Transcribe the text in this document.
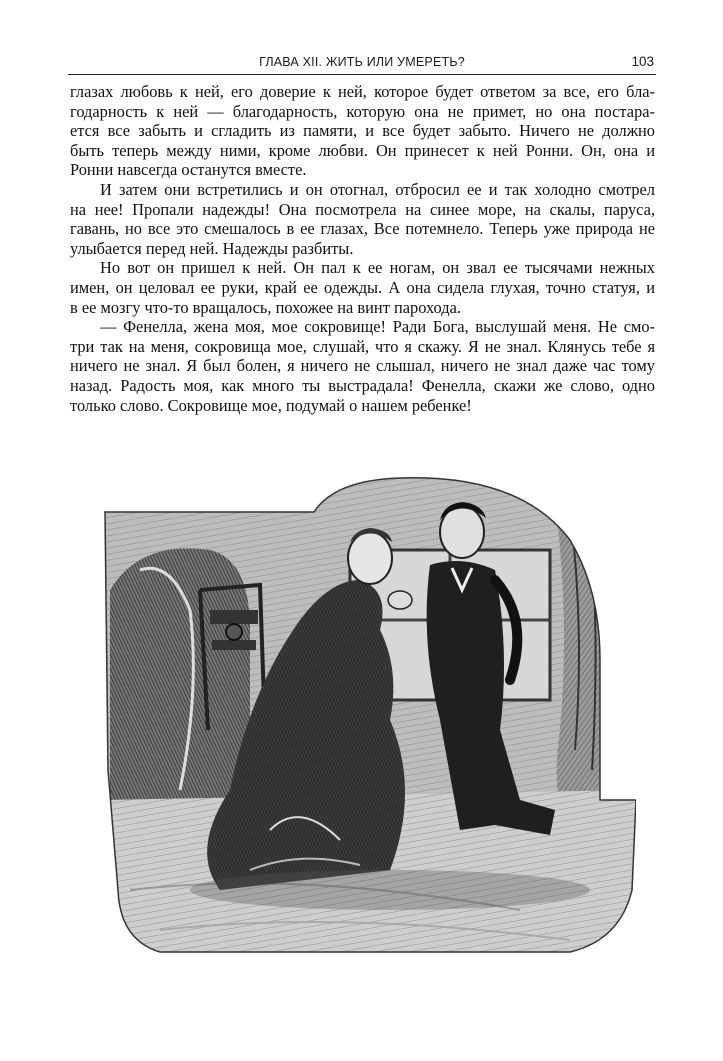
ГЛАВА XII. ЖИТЬ ИЛИ УМЕРЕТЬ?	103
глазах любовь к ней, его доверие к ней, которое будет ответом за все, его бла-
годарность к ней — благодарность, которую она не примет, но она постара-
ется все забыть и сгладить из памяти, и все будет забыто. Ничего не должно
быть теперь между ними, кроме любви. Он принесет к ней Ронни. Он, она и
Ронни навсегда останутся вместе.
И затем они встретились и он отогнал, отбросил ее и так холодно смотрел
на нее! Пропали надежды! Она посмотрела на синее море, на скалы, паруса,
гавань, но все это смешалось в ее глазах, Все потемнело. Теперь уже природа не
улыбается перед ней. Надежды разбиты.
Но вот он пришел к ней. Он пал к ее ногам, он звал ее тысячами нежных
имен, он целовал ее руки, край ее одежды. А она сидела глухая, точно статуя, и
в ее мозгу что-то вращалось, похожее на винт парохода.
— Фенелла, жена моя, мое сокровище! Ради Бога, выслушай меня. Не смо-
три так на меня, сокровища мое, слушай, что я скажу. Я не знал. Клянусь тебе я
ничего не знал. Я был болен, я ничего не слышал, ничего не знал даже час тому
назад. Радость моя, как много ты выстрадала! Фенелла, скажи же слово, одно
только слово. Сокровище мое, подумай о нашем ребенке!
